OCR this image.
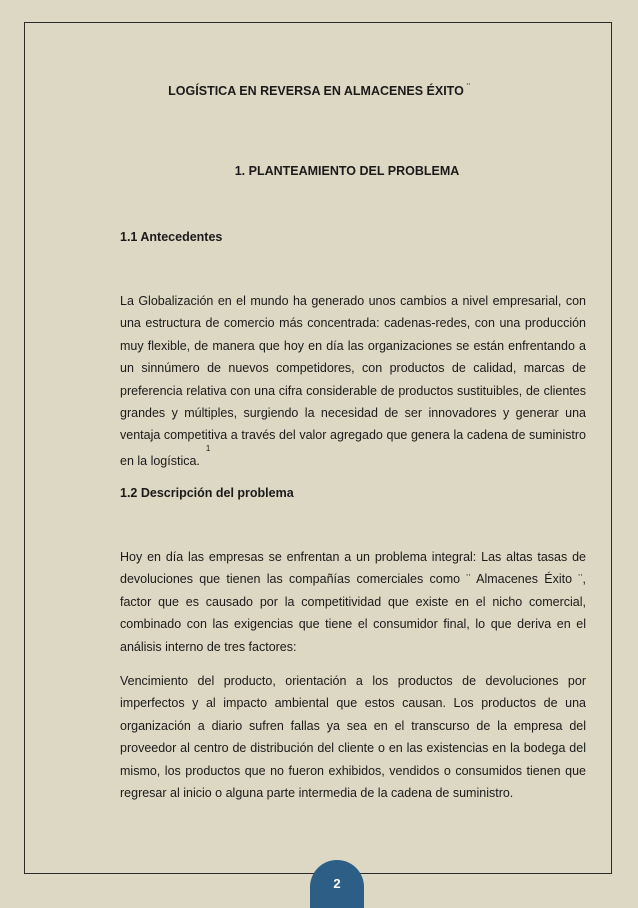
LOGÍSTICA EN REVERSA EN ALMACENES ÉXITO ¨
1. PLANTEAMIENTO DEL PROBLEMA
1.1 Antecedentes

La Globalización en el mundo ha generado unos cambios a nivel empresarial, con una estructura de comercio más concentrada: cadenas-redes, con una producción muy flexible, de manera que hoy en día las organizaciones se están enfrentando a un sinnúmero de nuevos competidores, con productos de calidad, marcas de preferencia relativa con una cifra considerable de productos sustituibles, de clientes grandes y múltiples, surgiendo la necesidad de ser innovadores y generar una ventaja competitiva a través del valor agregado que genera la cadena de suministro en la logística.$^1$

1.2 Descripción del problema

Hoy en día las empresas se enfrentan a un problema integral: Las altas tasas de devoluciones que tienen las compañías comerciales como ¨ Almacenes Éxito ¨, factor que es causado por la competitividad que existe en el nicho comercial, combinado con las exigencias que tiene el consumidor final, lo que deriva en el análisis interno de tres factores:

Vencimiento del producto, orientación a los productos de devoluciones por imperfectos y al impacto ambiental que estos causan. Los productos de una organización a diario sufren fallas ya sea en el transcurso de la empresa del proveedor al centro de distribución del cliente o en las existencias en la bodega del mismo, los productos que no fueron exhibidos, vendidos o consumidos tienen que regresar al inicio o alguna parte intermedia de la cadena de suministro.

2
